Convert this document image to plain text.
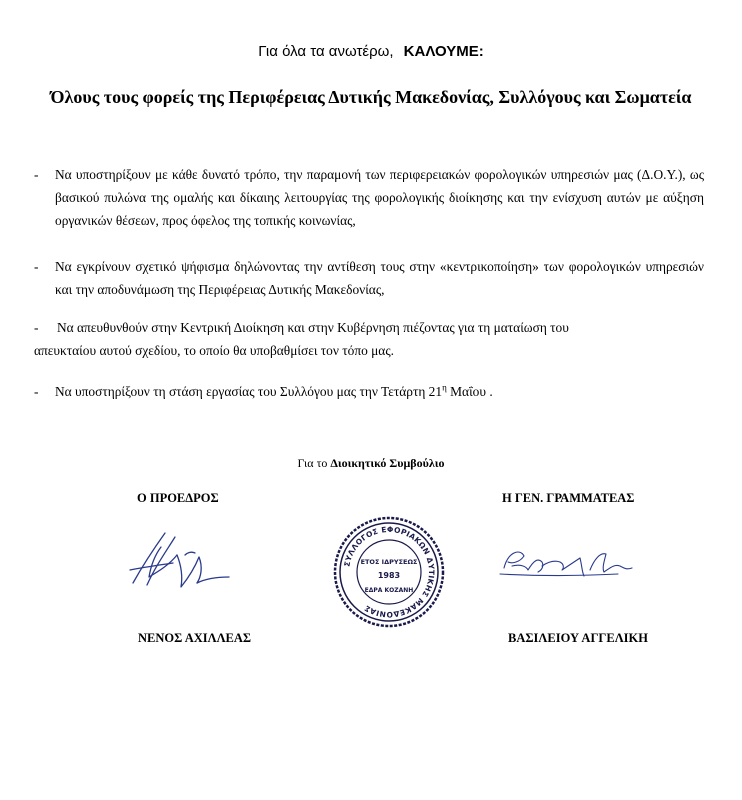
Για όλα τα ανωτέρω, ΚΑΛΟΥΜΕ:
Όλους τους φορείς της Περιφέρειας Δυτικής Μακεδονίας, Συλλόγους και Σωματεία
- Να υποστηρίξουν με κάθε δυνατό τρόπο, την παραμονή των περιφερειακών φορολογικών υπηρεσιών μας (Δ.Ο.Υ.), ως βασικού πυλώνα της ομαλής και δίκαιης λειτουργίας της φορολογικής διοίκησης και την ενίσχυση αυτών με αύξηση οργανικών θέσεων, προς όφελος της τοπικής κοινωνίας,
- Να εγκρίνουν σχετικό ψήφισμα δηλώνοντας την αντίθεση τους στην «κεντρικοποίηση» των φορολογικών υπηρεσιών και την αποδυνάμωση της Περιφέρειας Δυτικής Μακεδονίας,
- Να απευθυνθούν στην Κεντρική Διοίκηση και στην Κυβέρνηση πιέζοντας για τη ματαίωση του
απευκταίου αυτού σχεδίου, το οποίο θα υποβαθμίσει τον τόπο μας.
- Να υποστηρίξουν τη στάση εργασίας του Συλλόγου μας την Τετάρτη $21^\eta$ Μαΐου .
Για το Διοικητικό Συμβούλιο
Ο ΠΡΟΕΔΡΟΣ	Η ΓΕΝ. ΓΡΑΜΜΑΤΕΑΣ
ΣΥΛΛΟΓΟΣ ΕΦΟΡΙΑΚΩΝ ΔΥΤΙΚΗΣ ΜΑΚΕΔΟΝΙΑΣ
ΕΤΟΣ ΙΔΡΥΣΕΩΣ
1983
ΕΔΡΑ ΚΟΖΑΝΗ
ΝΕΝΟΣ ΑΧΙΛΛΕΑΣ	ΒΑΣΙΛΕΙΟΥ ΑΓΓΕΛΙΚΗ
